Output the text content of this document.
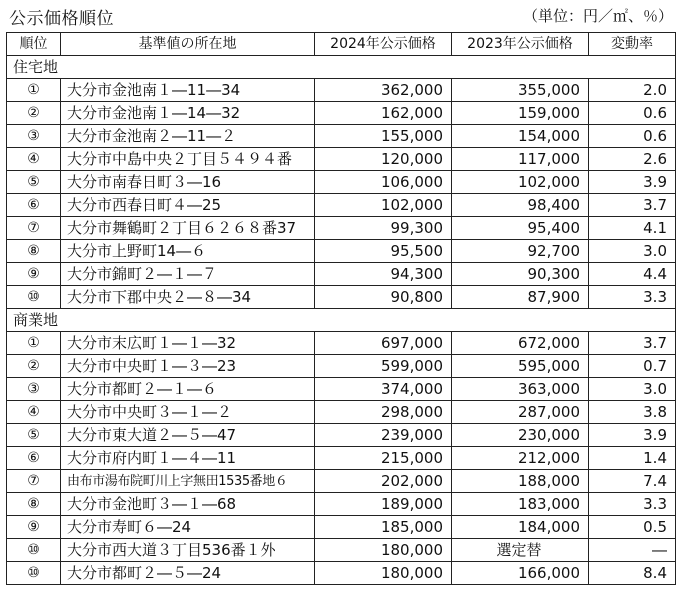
公示価格順位	（単位：円／㎡、％）
順位	基準値の所在地	2024年公示価格	2023年公示価格	変動率
住宅地				
①	大分市金池南１―11―34	362,000	355,000	2.0
②	大分市金池南１―14―32	162,000	159,000	0.6
③	大分市金池南２―11―２	155,000	154,000	0.6
④	大分市中島中央２丁目５４９４番	120,000	117,000	2.6
⑤	大分市南春日町３―16	106,000	102,000	3.9
⑥	大分市西春日町４―25	102,000	98,400	3.7
⑦	大分市舞鶴町２丁目６２６８番37	99,300	95,400	4.1
⑧	大分市上野町14―６	95,500	92,700	3.0
⑨	大分市錦町２―１―７	94,300	90,300	4.4
⑩	大分市下郡中央２―８―34	90,800	87,900	3.3
商業地				
①	大分市末広町１―１―32	697,000	672,000	3.7
②	大分市中央町１―３―23	599,000	595,000	0.7
③	大分市都町２―１―６	374,000	363,000	3.0
④	大分市中央町３―１―２	298,000	287,000	3.8
⑤	大分市東大道２―５―47	239,000	230,000	3.9
⑥	大分市府内町１―４―11	215,000	212,000	1.4
⑦	由布市湯布院町川上字無田1535番地６	202,000	188,000	7.4
⑧	大分市金池町３―１―68	189,000	183,000	3.3
⑨	大分市寿町６―24	185,000	184,000	0.5
⑩	大分市西大道３丁目536番１外	180,000	選定替	―
⑩	大分市都町２―５―24	180,000	166,000	8.4
